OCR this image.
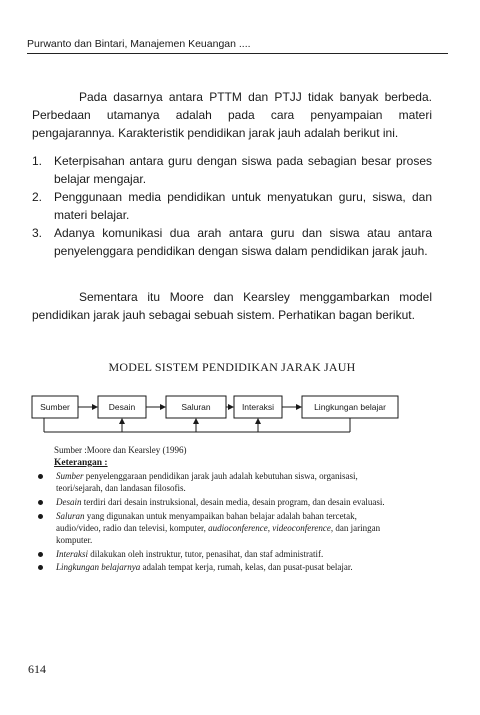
Purwanto dan Bintari, Manajemen Keuangan ....
Pada dasarnya antara PTTM dan PTJJ tidak banyak berbeda. Perbedaan utamanya adalah pada cara penyampaian materi pengajarannya. Karakteristik pendidikan jarak jauh adalah berikut ini.
1. Keterpisahan antara guru dengan siswa pada sebagian besar proses belajar mengajar.
2. Penggunaan media pendidikan untuk menyatukan guru, siswa, dan materi belajar.
3. Adanya komunikasi dua arah antara guru dan siswa atau antara penyelenggara pendidikan dengan siswa dalam pendidikan jarak jauh.
Sementara itu Moore dan Kearsley menggambarkan model pendidikan jarak jauh sebagai sebuah sistem. Perhatikan bagan berikut.
MODEL SISTEM PENDIDIKAN JARAK JAUH
Sumber	Desain	Saluran	Interaksi	Lingkungan belajar
Sumber :Moore dan Kearsley (1996)
Keterangan :
Sumber penyelenggaraan pendidikan jarak jauh adalah kebutuhan siswa, organisasi, teori/sejarah, dan landasan filosofis.
Desain terdiri dari desain instruksional, desain media, desain program, dan desain evaluasi.
Saluran yang digunakan untuk menyampaikan bahan belajar adalah bahan tercetak, audio/video, radio dan televisi, komputer, audioconference, videoconference, dan jaringan komputer.
Interaksi dilakukan oleh instruktur, tutor, penasihat, dan staf administratif.
Lingkungan belajarnya adalah tempat kerja, rumah, kelas, dan pusat-pusat belajar.
614
